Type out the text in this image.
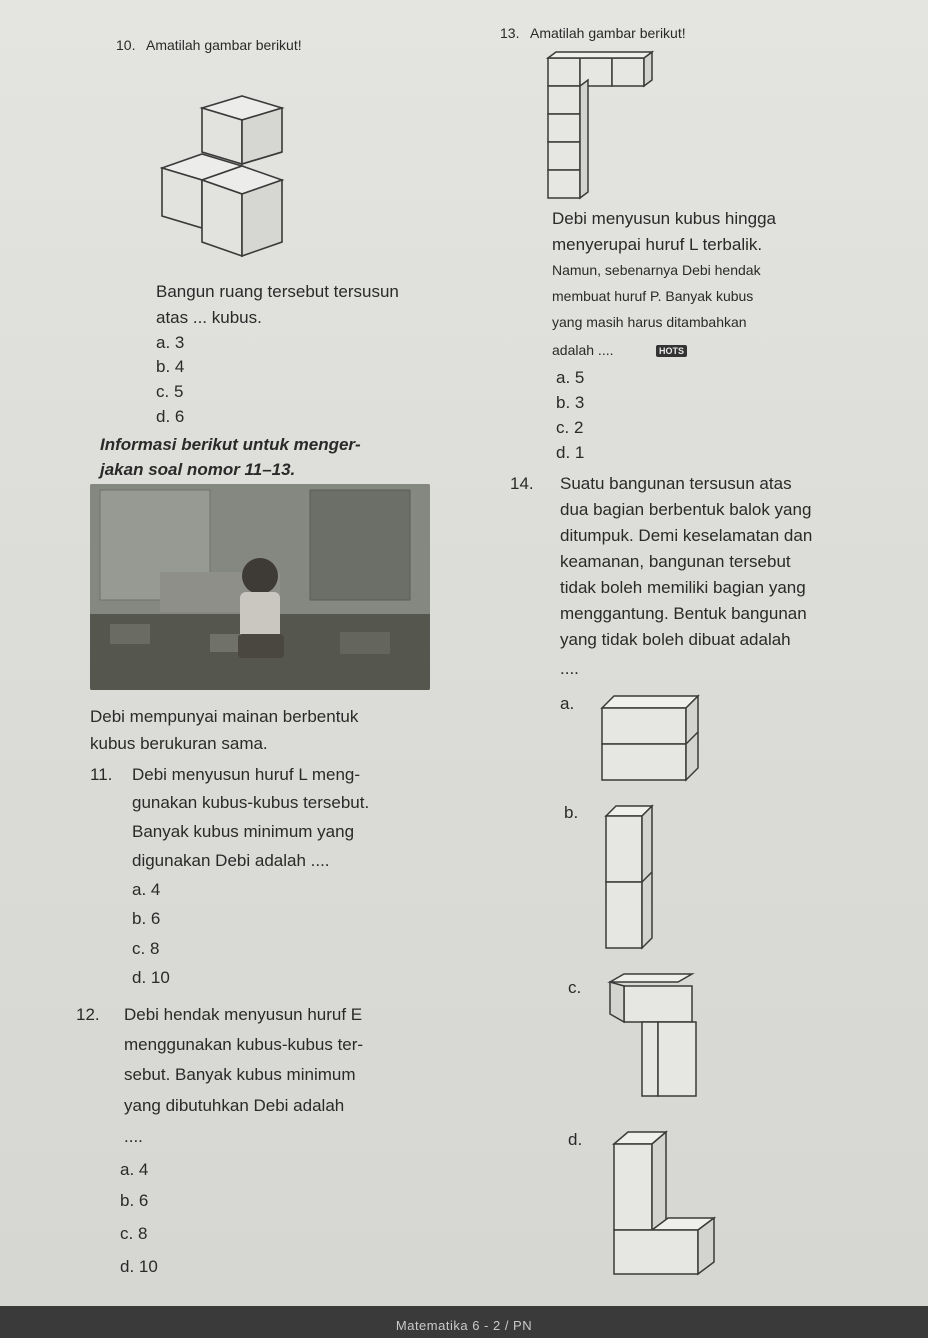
10. Amatilah gambar berikut!
Bangun ruang tersebut tersusun
atas ... kubus.
a. 3
b. 4
c. 5
d. 6
Informasi berikut untuk menger-
jakan soal nomor 11–13.
Debi mempunyai mainan berbentuk
kubus berukuran sama.
11. Debi menyusun huruf L meng-
gunakan kubus-kubus tersebut.
Banyak kubus minimum yang
digunakan Debi adalah ....
a. 4
b. 6
c. 8
d. 10
12. Debi hendak menyusun huruf E
menggunakan kubus-kubus ter-
sebut. Banyak kubus minimum
yang dibutuhkan Debi adalah
....
a. 4
b. 6
c. 8
d. 10
13. Amatilah gambar berikut!
Debi menyusun kubus hingga
menyerupai huruf L terbalik.
Namun, sebenarnya Debi hendak
membuat huruf P. Banyak kubus
yang masih harus ditambahkan
adalah ....	HOTS
a. 5
b. 3
c. 2
d. 1
14. Suatu bangunan tersusun atas
dua bagian berbentuk balok yang
ditumpuk. Demi keselamatan dan
keamanan, bangunan tersebut
tidak boleh memiliki bagian yang
menggantung. Bentuk bangunan
yang tidak boleh dibuat adalah
....
a.
b.
c.
d.
Matematika 6 - 2 / PN
